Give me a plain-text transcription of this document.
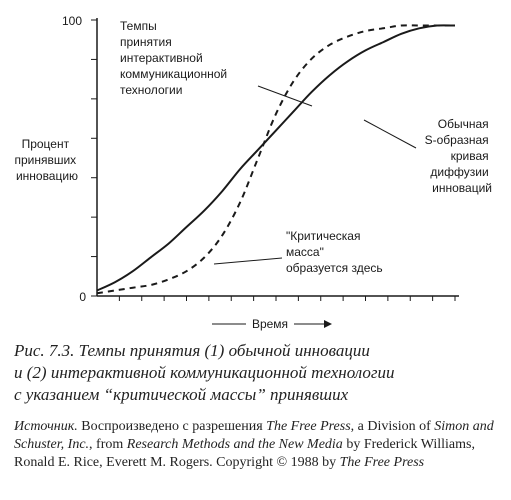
100
0
Процент принявших инновацию
Время
Темпы принятия интерактивной коммуникационной технологии
Обычная S-образная кривая диффузии инноваций
"Критическая масса" образуется здесь
Рис. 7.3. Темпы принятия (1) обычной инновации
и (2) интерактивной коммуникационной технологии
с указанием “критической массы” принявших
Источник. Воспроизведено с разрешения The Free Press, a Division of Simon and Schuster, Inc., from Research Methods and the New Media by Frederick Williams, Ronald E. Rice, Everett M. Rogers. Copyright © 1988 by The Free Press
